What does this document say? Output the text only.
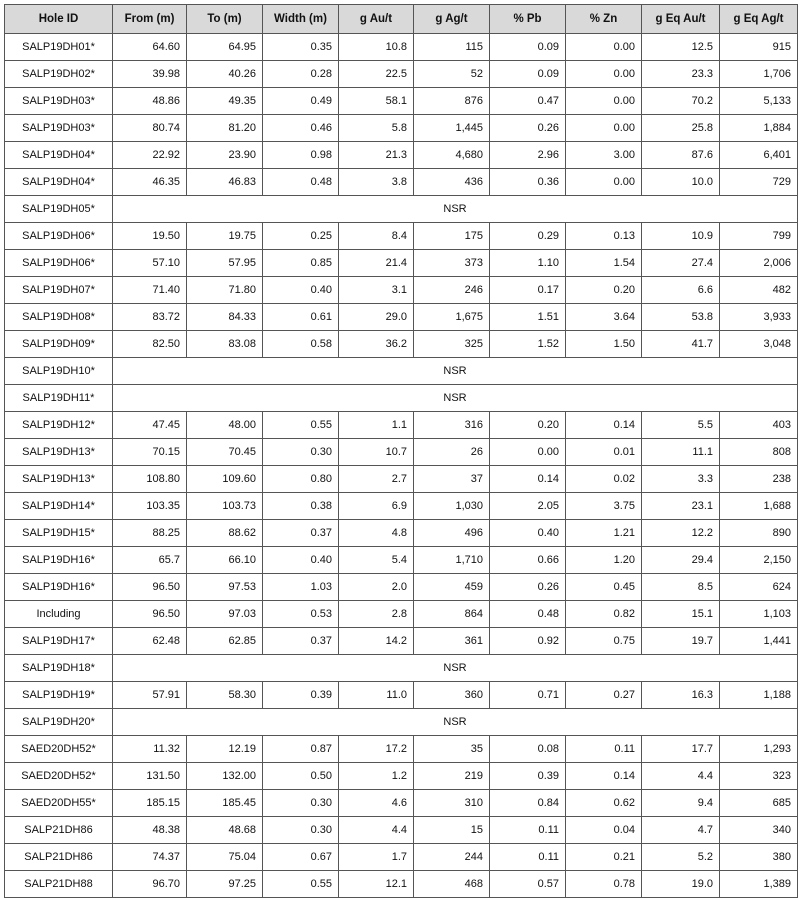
Hole ID	From (m)	To (m)	Width (m)	g Au/t	g Ag/t	% Pb	% Zn	g Eq Au/t	g Eq Ag/t
SALP19DH01*	64.60	64.95	0.35	10.8	115	0.09	0.00	12.5	915
SALP19DH02*	39.98	40.26	0.28	22.5	52	0.09	0.00	23.3	1,706
SALP19DH03*	48.86	49.35	0.49	58.1	876	0.47	0.00	70.2	5,133
SALP19DH03*	80.74	81.20	0.46	5.8	1,445	0.26	0.00	25.8	1,884
SALP19DH04*	22.92	23.90	0.98	21.3	4,680	2.96	3.00	87.6	6,401
SALP19DH04*	46.35	46.83	0.48	3.8	436	0.36	0.00	10.0	729
SALP19DH05*	NSR								
SALP19DH06*	19.50	19.75	0.25	8.4	175	0.29	0.13	10.9	799
SALP19DH06*	57.10	57.95	0.85	21.4	373	1.10	1.54	27.4	2,006
SALP19DH07*	71.40	71.80	0.40	3.1	246	0.17	0.20	6.6	482
SALP19DH08*	83.72	84.33	0.61	29.0	1,675	1.51	3.64	53.8	3,933
SALP19DH09*	82.50	83.08	0.58	36.2	325	1.52	1.50	41.7	3,048
SALP19DH10*	NSR								
SALP19DH11*	NSR								
SALP19DH12*	47.45	48.00	0.55	1.1	316	0.20	0.14	5.5	403
SALP19DH13*	70.15	70.45	0.30	10.7	26	0.00	0.01	11.1	808
SALP19DH13*	108.80	109.60	0.80	2.7	37	0.14	0.02	3.3	238
SALP19DH14*	103.35	103.73	0.38	6.9	1,030	2.05	3.75	23.1	1,688
SALP19DH15*	88.25	88.62	0.37	4.8	496	0.40	1.21	12.2	890
SALP19DH16*	65.7	66.10	0.40	5.4	1,710	0.66	1.20	29.4	2,150
SALP19DH16*	96.50	97.53	1.03	2.0	459	0.26	0.45	8.5	624
Including	96.50	97.03	0.53	2.8	864	0.48	0.82	15.1	1,103
SALP19DH17*	62.48	62.85	0.37	14.2	361	0.92	0.75	19.7	1,441
SALP19DH18*	NSR								
SALP19DH19*	57.91	58.30	0.39	11.0	360	0.71	0.27	16.3	1,188
SALP19DH20*	NSR								
SAED20DH52*	11.32	12.19	0.87	17.2	35	0.08	0.11	17.7	1,293
SAED20DH52*	131.50	132.00	0.50	1.2	219	0.39	0.14	4.4	323
SAED20DH55*	185.15	185.45	0.30	4.6	310	0.84	0.62	9.4	685
SALP21DH86	48.38	48.68	0.30	4.4	15	0.11	0.04	4.7	340
SALP21DH86	74.37	75.04	0.67	1.7	244	0.11	0.21	5.2	380
SALP21DH88	96.70	97.25	0.55	12.1	468	0.57	0.78	19.0	1,389
